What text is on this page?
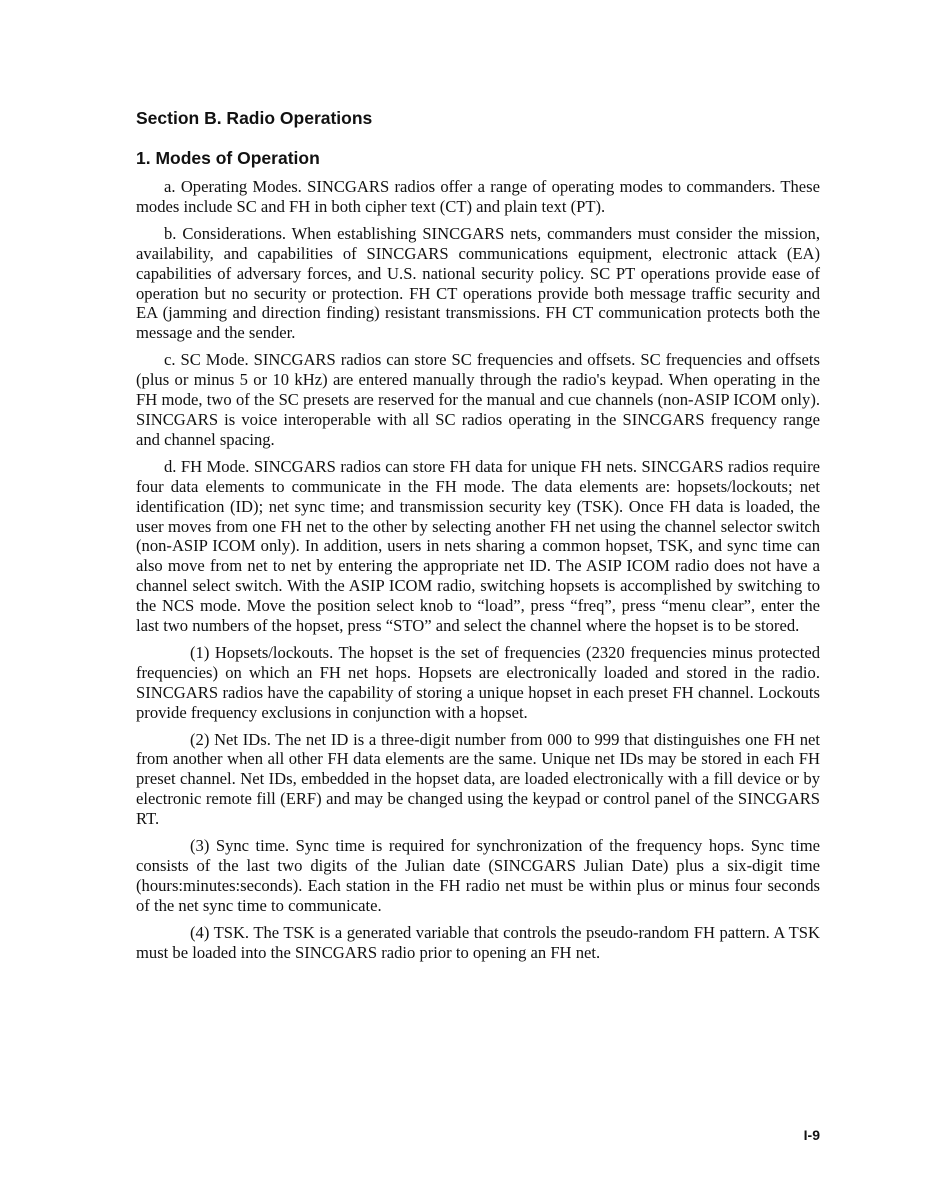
Section B. Radio Operations
1. Modes of Operation

a. Operating Modes. SINCGARS radios offer a range of operating modes to commanders. These modes include SC and FH in both cipher text (CT) and plain text (PT).

b. Considerations. When establishing SINCGARS nets, commanders must consider the mission, availability, and capabilities of SINCGARS communications equipment, electronic attack (EA) capabilities of adversary forces, and U.S. national security policy. SC PT operations provide ease of operation but no security or protection. FH CT operations provide both message traffic security and EA (jamming and direction finding) resistant transmissions. FH CT communication protects both the message and the sender.

c. SC Mode. SINCGARS radios can store SC frequencies and offsets. SC frequencies and offsets (plus or minus 5 or 10 kHz) are entered manually through the radio's keypad. When operating in the FH mode, two of the SC presets are reserved for the manual and cue channels (non-ASIP ICOM only). SINCGARS is voice interoperable with all SC radios operating in the SINCGARS frequency range and channel spacing.

d. FH Mode. SINCGARS radios can store FH data for unique FH nets. SINCGARS radios require four data elements to communicate in the FH mode. The data elements are: hopsets/lockouts; net identification (ID); net sync time; and transmission security key (TSK). Once FH data is loaded, the user moves from one FH net to the other by selecting another FH net using the channel selector switch (non-ASIP ICOM only). In addition, users in nets sharing a common hopset, TSK, and sync time can also move from net to net by entering the appropriate net ID. The ASIP ICOM radio does not have a channel select switch. With the ASIP ICOM radio, switching hopsets is accomplished by switching to the NCS mode. Move the position select knob to “load”, press “freq”, press “menu clear”, enter the last two numbers of the hopset, press “STO” and select the channel where the hopset is to be stored.

(1) Hopsets/lockouts. The hopset is the set of frequencies (2320 frequencies minus protected frequencies) on which an FH net hops. Hopsets are electronically loaded and stored in the radio. SINCGARS radios have the capability of storing a unique hopset in each preset FH channel. Lockouts provide frequency exclusions in conjunction with a hopset.

(2) Net IDs. The net ID is a three-digit number from 000 to 999 that distinguishes one FH net from another when all other FH data elements are the same. Unique net IDs may be stored in each FH preset channel. Net IDs, embedded in the hopset data, are loaded electronically with a fill device or by electronic remote fill (ERF) and may be changed using the keypad or control panel of the SINCGARS RT.

(3) Sync time. Sync time is required for synchronization of the frequency hops. Sync time consists of the last two digits of the Julian date (SINCGARS Julian Date) plus a six-digit time (hours:minutes:seconds). Each station in the FH radio net must be within plus or minus four seconds of the net sync time to communicate.

(4) TSK. The TSK is a generated variable that controls the pseudo-random FH pattern. A TSK must be loaded into the SINCGARS radio prior to opening an FH net.

I-9
